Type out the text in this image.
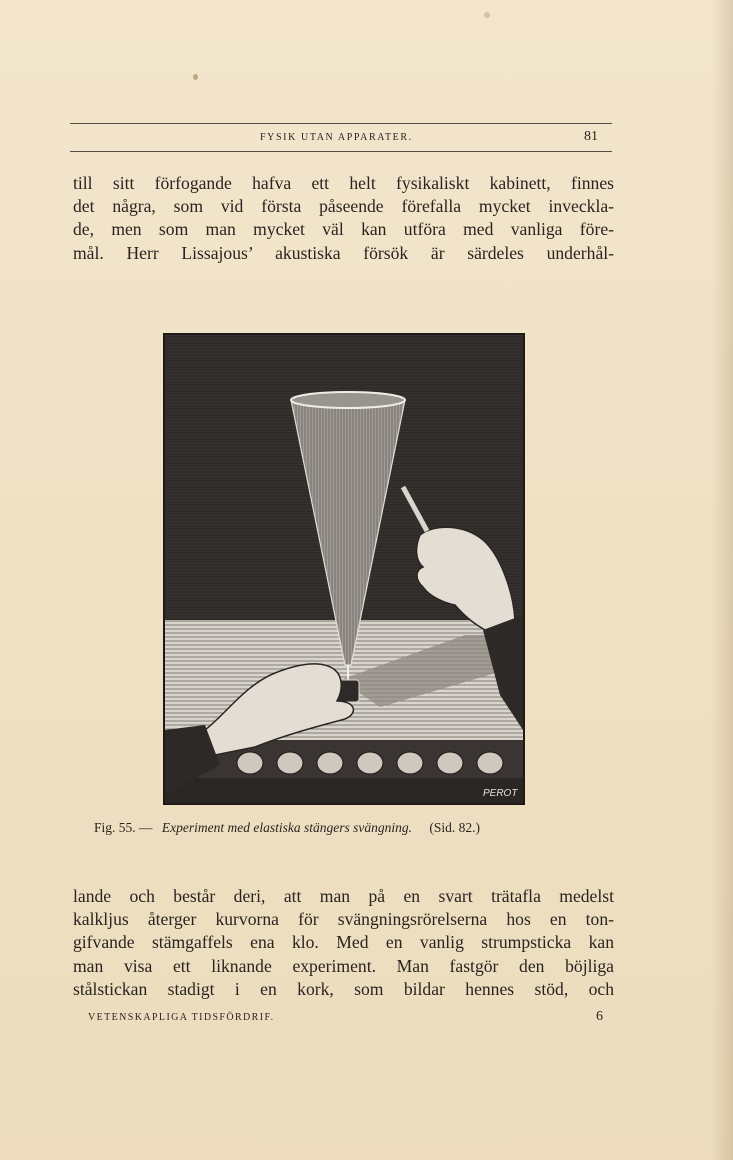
FYSIK UTAN APPARATER.	81
till sitt förfogande hafva ett helt fysikaliskt kabinett, finnes
det några, som vid första påseende förefalla mycket inveckla-
de, men som man mycket väl kan utföra med vanliga före-
mål. Herr Lissajous’ akustiska försök är särdeles underhål-
PEROT
Fig. 55. — Experiment med elastiska stängers svängning. (Sid. 82.)
lande och består deri, att man på en svart trätafla medelst
kalkljus återger kurvorna för svängningsrörelserna hos en ton-
gifvande stämgaffels ena klo. Med en vanlig strumpsticka kan
man visa ett liknande experiment. Man fastgör den böjliga
stålstickan stadigt i en kork, som bildar hennes stöd, och
VETENSKAPLIGA TIDSFÖRDRIF.	6
